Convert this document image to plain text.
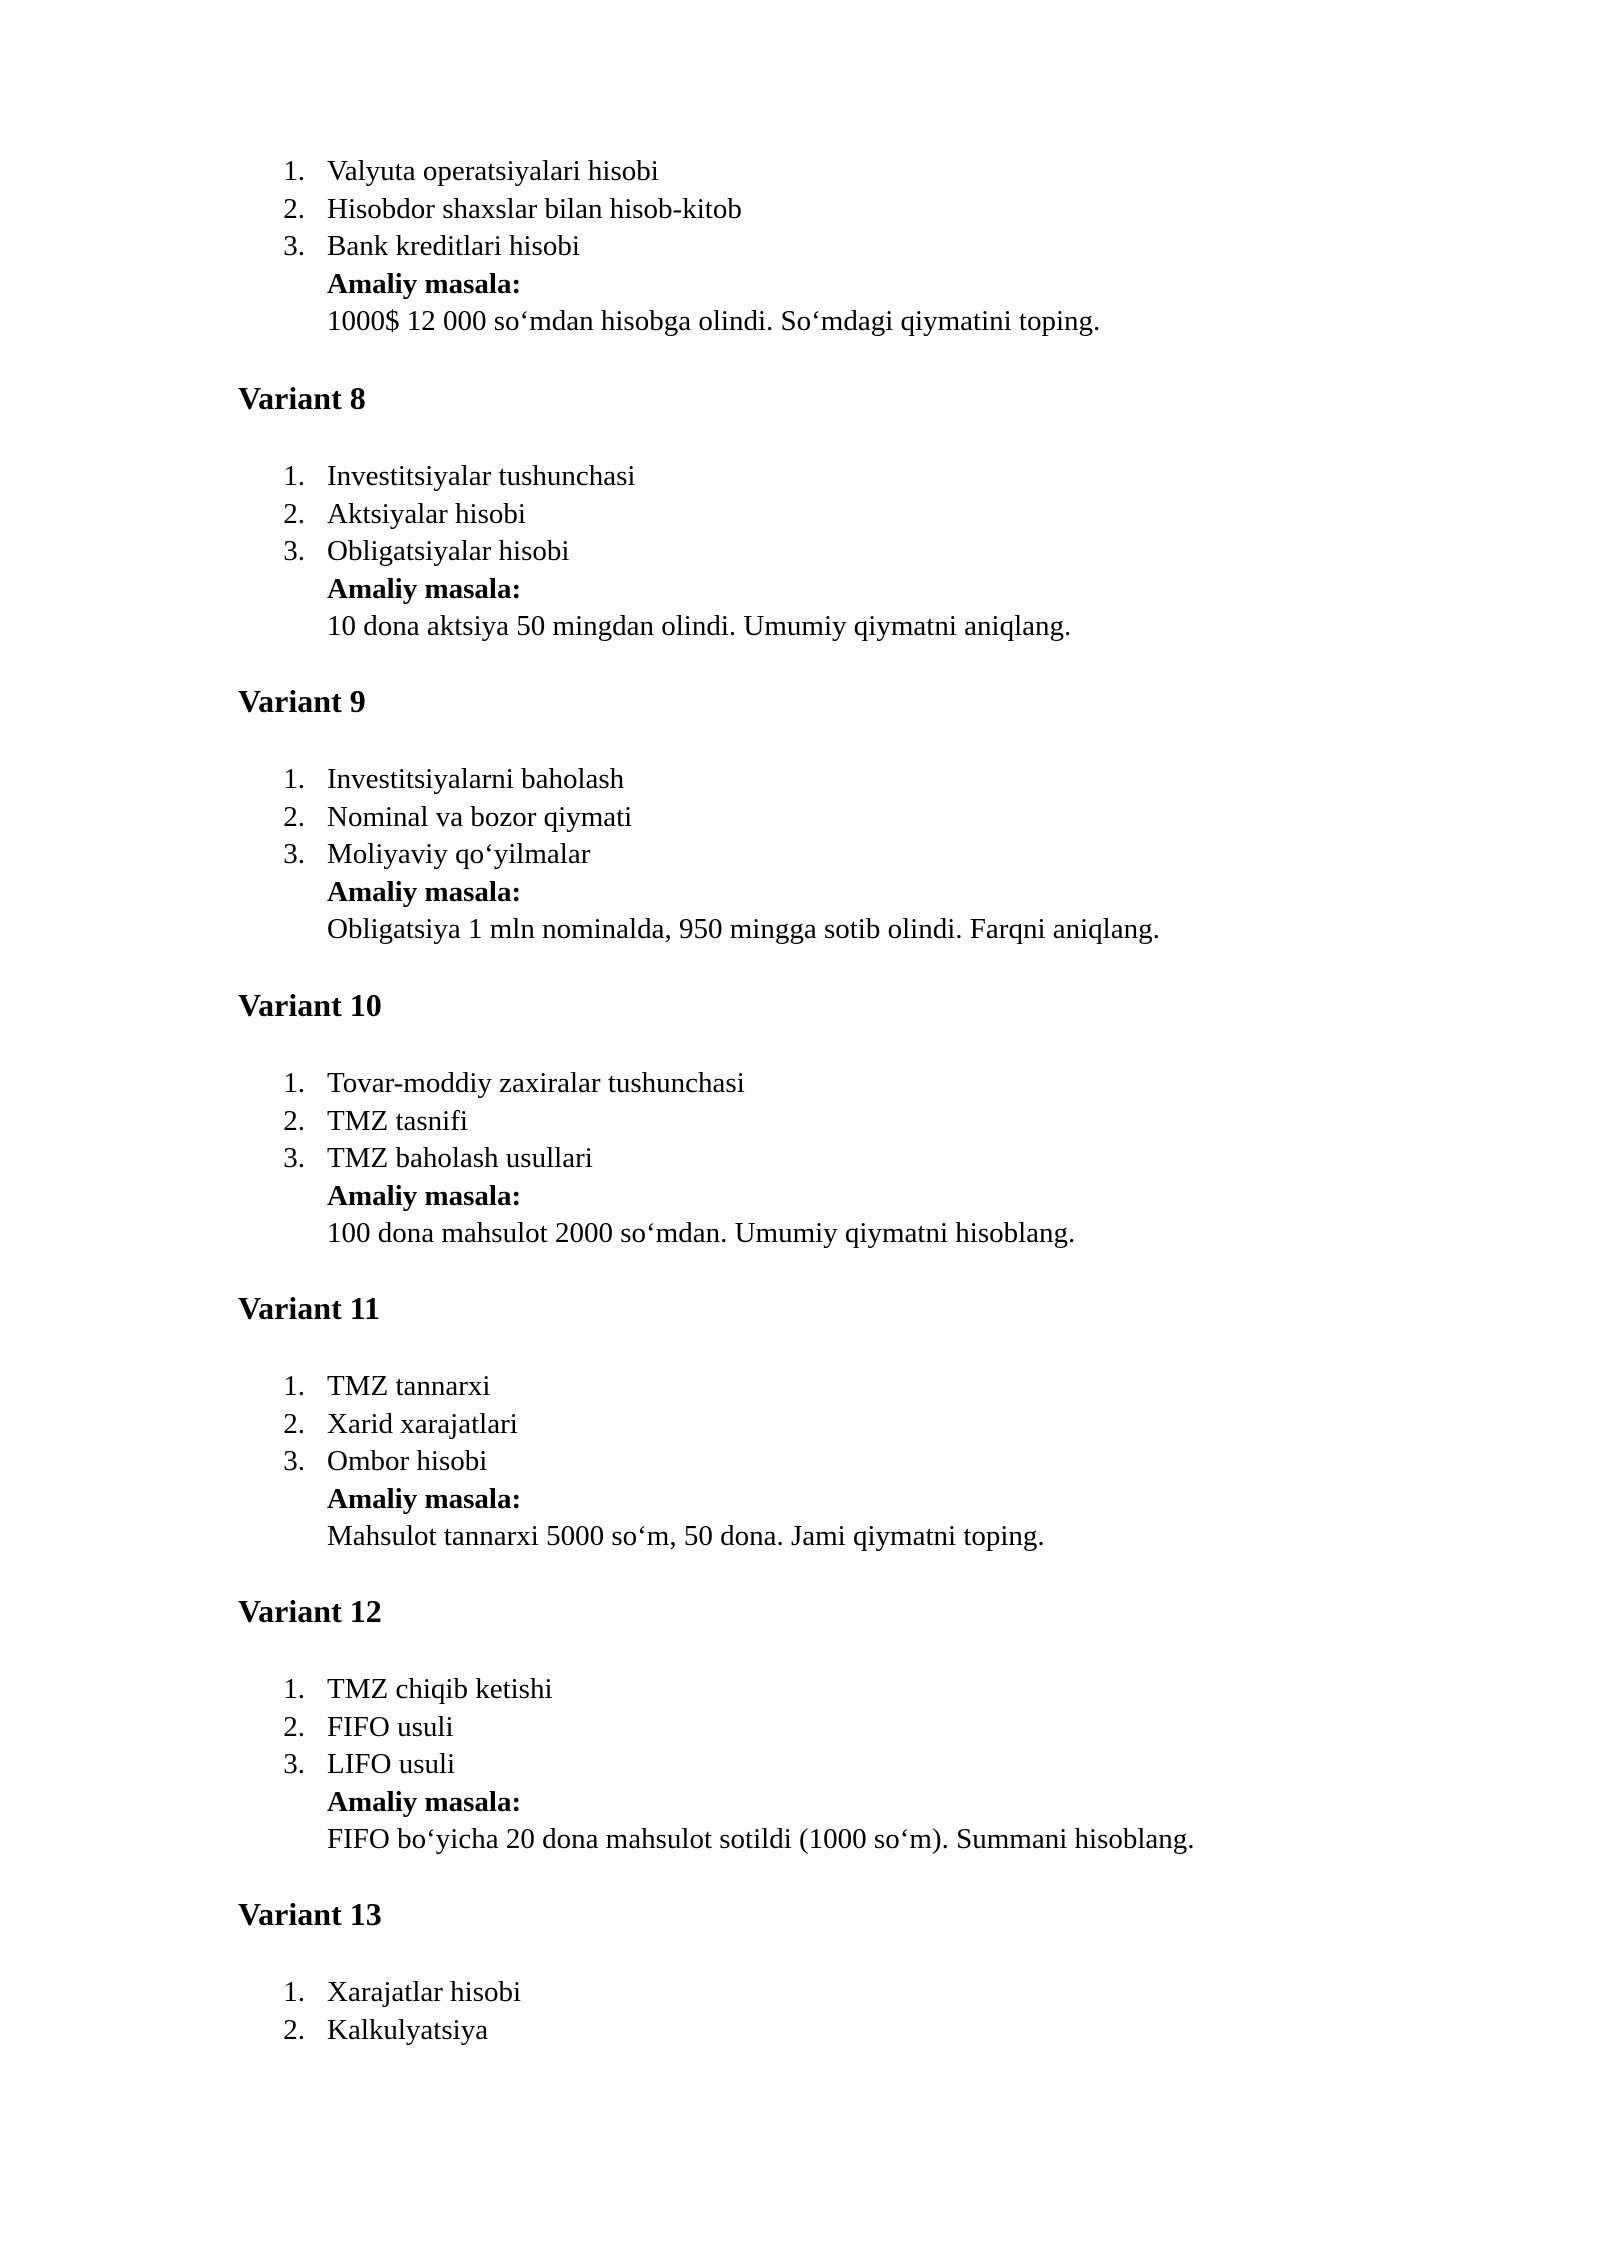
1. Valyuta operatsiyalari hisobi
2. Hisobdor shaxslar bilan hisob-kitob
3. Bank kreditlari hisobi
Amaliy masala:
1000$ 12 000 so‘mdan hisobga olindi. So‘mdagi qiymatini toping.
Variant 8
1. Investitsiyalar tushunchasi
2. Aktsiyalar hisobi
3. Obligatsiyalar hisobi
Amaliy masala:
10 dona aktsiya 50 mingdan olindi. Umumiy qiymatni aniqlang.
Variant 9
1. Investitsiyalarni baholash
2. Nominal va bozor qiymati
3. Moliyaviy qo‘yilmalar
Amaliy masala:
Obligatsiya 1 mln nominalda, 950 mingga sotib olindi. Farqni aniqlang.
Variant 10
1. Tovar-moddiy zaxiralar tushunchasi
2. TMZ tasnifi
3. TMZ baholash usullari
Amaliy masala:
100 dona mahsulot 2000 so‘mdan. Umumiy qiymatni hisoblang.
Variant 11
1. TMZ tannarxi
2. Xarid xarajatlari
3. Ombor hisobi
Amaliy masala:
Mahsulot tannarxi 5000 so‘m, 50 dona. Jami qiymatni toping.
Variant 12
1. TMZ chiqib ketishi
2. FIFO usuli
3. LIFO usuli
Amaliy masala:
FIFO bo‘yicha 20 dona mahsulot sotildi (1000 so‘m). Summani hisoblang.
Variant 13
1. Xarajatlar hisobi
2. Kalkulyatsiya
